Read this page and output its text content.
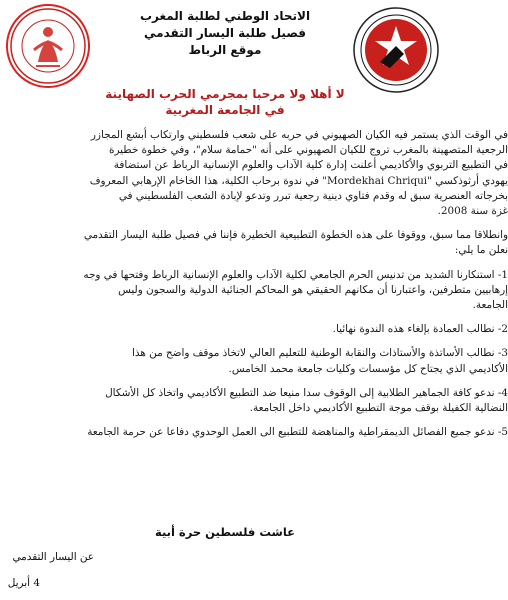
الاتحاد الوطني لطلبة المغرب
فصيل طلبة اليسار التقدمي
موقع الرباط
لا أهلا ولا مرحبا بمجرمي الحرب الصهاينة
في الجامعة المغربية

في الوقت الذي يستمر فيه الكيان الصهيوني في حربه على شعب فلسطيني وارتكاب أبشع المجازر

الرجعية المتصهينة بالمغرب تروج للكيان الصهيوني على أنه "حمامة سلام"، وفي خطوة خطيرة

في التطبيع التربوي والأكاديمي أعلنت إدارة كلية الآداب والعلوم الإنسانية الرباط عن استضافة

يهودي أرثوذكسي "Mordekhai Chriqui" في ندوة برحاب الكلية، هذا الخاخام الإرهابي المعروف

بخرجاته العنصرية سبق له وقدم فتاوي دينية رجعية تبرر وتدعو لإبادة الشعب الفلسطيني في

غزة سنة 2008.

وانطلاقا مما سبق، ووقوفا على هذه الخطوة التطبيعية الخطيرة فإننا في فصيل طلبة اليسار التقدمي

نعلن ما يلي:

1- استنكارنا الشديد من تدنيس الحرم الجامعي لكلية الآداب والعلوم الإنسانية الرباط وفتحها في وجه

إرهابيين متطرفين، واعتبارنا أن مكانهم الحقيقي هو المحاكم الجنائية الدولية والسجون وليس

الجامعة.

2- نطالب العمادة بإلغاء هذه الندوة نهائيا.

3- نطالب الأساتذة والأستاذات والنقابة الوطنية للتعليم العالي لاتخاذ موقف واضح من هذا

الأكاديمي الذي يجتاح كل مؤسسات وكليات جامعة محمد الخامس.

4- ندعو كافة الجماهير الطلابية إلى الوقوف سدا منيعا ضد التطبيع الأكاديمي واتخاذ كل الأشكال

النضالية الكفيلة بوقف موجة التطبيع الأكاديمي داخل الجامعة.

5- ندعو جميع الفصائل الديمقراطية والمناهضة للتطبيع الى العمل الوحدوي دفاعا عن حرمة الجامعة

عاشت فلسطين حرة أبية
عن اليسار التقدمي
4 أبريل
